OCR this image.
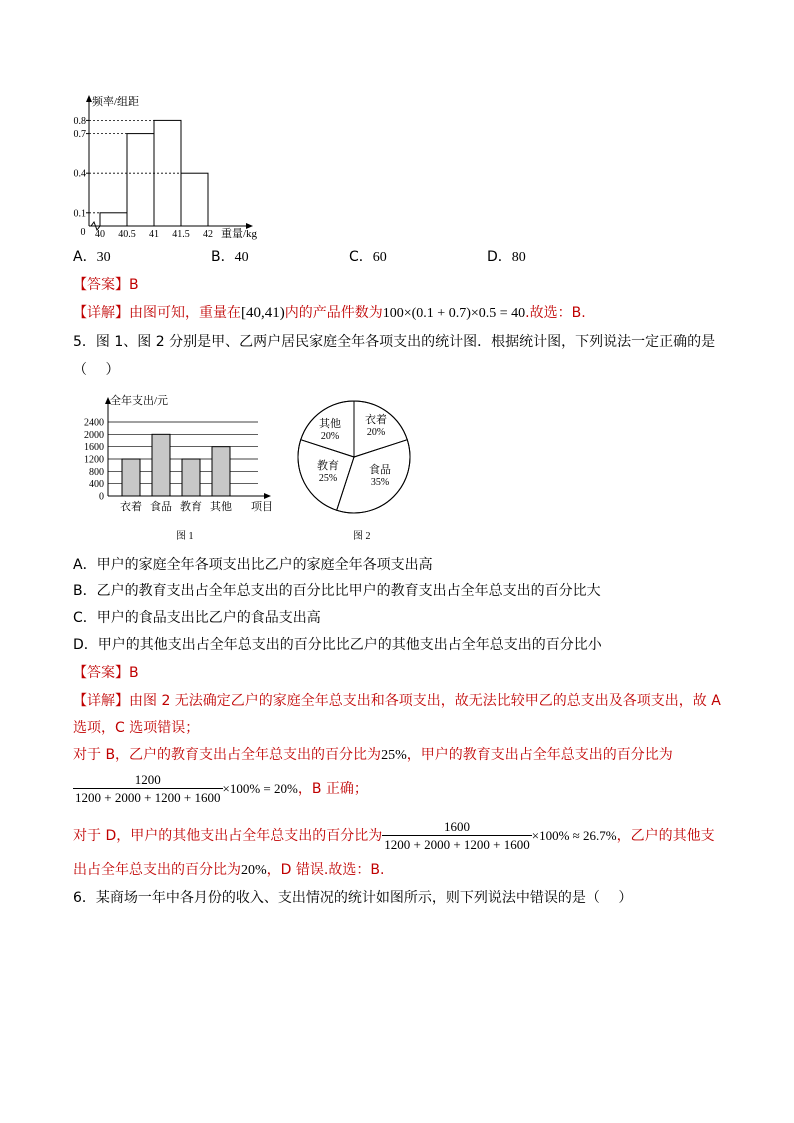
0.8
0.7
0.4
0.1
40 40.5 41 41.5 42
频率/组距
0	重量/kg
A．30	B．40	C．60	D．80
【答案】B
【详解】由图可知，重量在[40,41)内的产品件数为100×(0.1 + 0.7)×0.5 = 40.故选：B.
5．图 1、图 2 分别是甲、乙两户居民家庭全年各项支出的统计图．根据统计图，下列说法一定正确的是
（　 ）
全年支出/元
2400
2000
1600
1200
800
400
0
衣着 食品 教育 其他 项目
图 1
衣着
20%
食品
35%
教育
25%
其他
20%
图 2
A．甲户的家庭全年各项支出比乙户的家庭全年各项支出高
B．乙户的教育支出占全年总支出的百分比比甲户的教育支出占全年总支出的百分比大
C．甲户的食品支出比乙户的食品支出高
D．甲户的其他支出占全年总支出的百分比比乙户的其他支出占全年总支出的百分比小
【答案】B
【详解】由图 2 无法确定乙户的家庭全年总支出和各项支出，故无法比较甲乙的总支出及各项支出，故 A
选项，C 选项错误；
对于 B，乙户的教育支出占全年总支出的百分比为25%，甲户的教育支出占全年总支出的百分比为
$\frac{1200}{1200 + 2000 + 1200 + 1600} \times 100\% = 20\%$ ，B 正确；
对于 D，甲户的其他支出占全年总支出的百分比为 $\frac{1600}{1200 + 2000 + 1200 + 1600} \times 100\% \approx 26.7\%$ ，乙户的其他支
出占全年总支出的百分比为20%，D 错误.故选：B.
6．某商场一年中各月份的收入、支出情况的统计如图所示，则下列说法中错误的是（　 ）
